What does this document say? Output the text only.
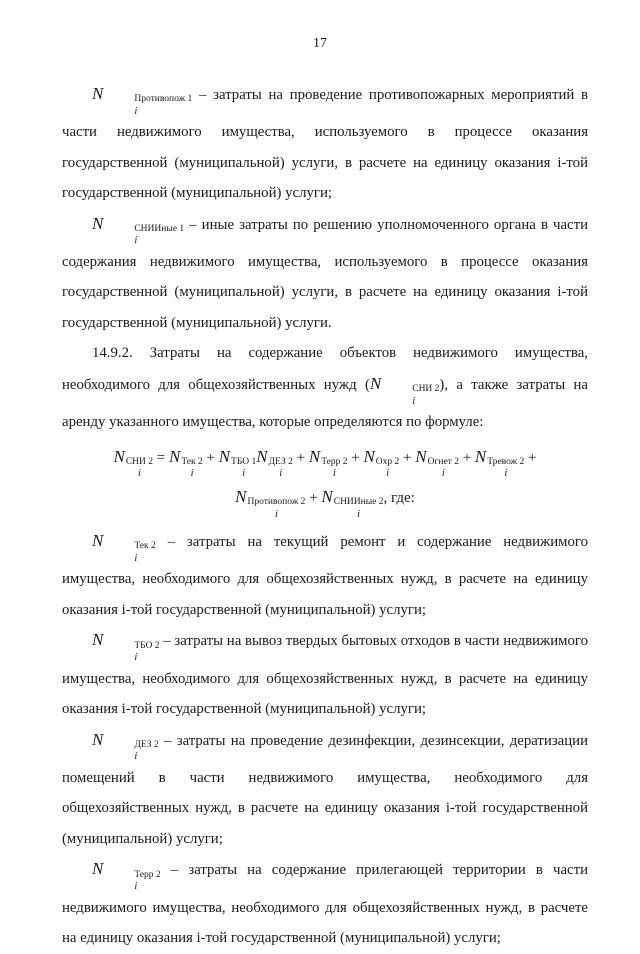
17

N	Противопож 1
i
– затраты на проведение противопожарных мероприятий в части недвижимого имущества, используемого в процессе оказания государственной (муниципальной) услуги, в расчете на единицу оказания i-той государственной (муниципальной) услуги;

N	СНИИные 1
i
– иные затраты по решению уполномоченного органа в части содержания недвижимого имущества, используемого в процессе оказания государственной (муниципальной) услуги, в расчете на единицу оказания i-той государственной (муниципальной) услуги.

14.9.2. Затраты на содержание объектов недвижимого имущества, необходимого для общехозяйственных нужд (N	СНИ 2
i
), а также затраты на аренду указанного имущества, которые определяются по формуле:

N СНИ 2
i
= N Тек 2
i
+ N ТБО 1
i
N ДЕЗ 2
i
+ N Терр 2
i
+ N Охр 2
i
+ N Огнет 2
i
+ N Тревож 2
i
+

N Противопож 2
i
+ N СНИИные 2
i
, где:

N	Тек 2
i
– затраты на текущий ремонт и содержание недвижимого имущества, необходимого для общехозяйственных нужд, в расчете на единицу оказания i-той государственной (муниципальной) услуги;

N	ТБО 2
i
– затраты на вывоз твердых бытовых отходов в части недвижимого имущества, необходимого для общехозяйственных нужд, в расчете на единицу оказания i-той государственной (муниципальной) услуги;

N	ДЕЗ 2
i
– затраты на проведение дезинфекции, дезинсекции, дератизации помещений в части недвижимого имущества, необходимого для общехозяйственных нужд, в расчете на единицу оказания i-той государственной (муниципальной) услуги;

N	Терр 2
i
– затраты на содержание прилегающей территории в части недвижимого имущества, необходимого для общехозяйственных нужд, в расчете на единицу оказания i-той государственной (муниципальной) услуги;
